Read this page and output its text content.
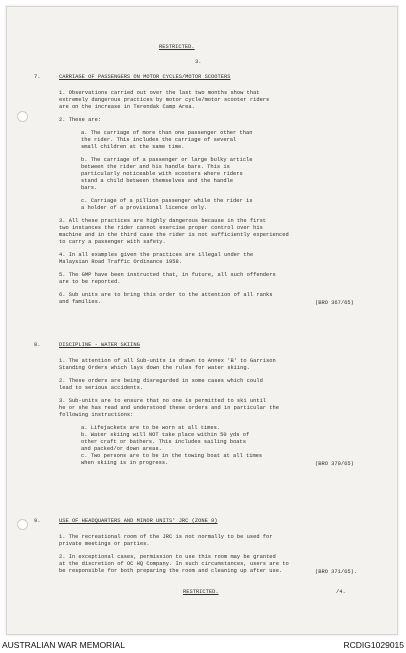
RESTRICTED.
3.
7.	CARRIAGE OF PASSENGERS ON MOTOR CYCLES/MOTOR SCOOTERS
1. Observations carried out over the last two months show that
extremely dangerous practices by motor cycle/motor scooter riders
are on the increase in Terendak Camp Area.
2. These are:
a. The carriage of more than one passenger other than
the rider. This includes the carriage of several
small children at the same time.
b. The carriage of a passenger or large bulky article
between the rider and his handle bars. This is
particularly noticeable with scooters where riders
stand a child between themselves and the handle
bars.
c. Carriage of a pillion passenger while the rider is
a holder of a provisional licence only.
3. All these practices are highly dangerous because in the first
two instances the rider cannot exercise proper control over his
machine and in the third case the rider is not sufficiently experienced
to carry a passenger with safety.
4. In all examples given the practices are illegal under the
Malaysian Road Traffic Ordinance 1958.
5. The GMP have been instructed that, in future, all such offenders
are to be reported.
6. Sub units are to bring this order to the attention of all ranks
and families.	(BRO 367/65)
8.	DISCIPLINE - WATER SKIING
1. The attention of all Sub-units is drawn to Annex 'B' to Garrison
Standing Orders which lays down the rules for water skiing.
2. These orders are being disregarded in some cases which could
lead to serious accidents.
3. Sub-units are to ensure that no one is permitted to ski until
he or she has read and understood these orders and in particular the
following instructions:
a. Lifejackets are to be worn at all times.
b. Water skiing will NOT take place within 50 yds of
other craft or bathers. This includes sailing boats
and packed/or down areas.
c. Two persons are to be in the towing boat at all times
when skiing is in progress.	(BRO 370/65)
9.	USE OF HEADQUARTERS AND MINOR UNITS' JRC (ZONE 9)
1. The recreational room of the JRC is not normally to be used for
private meetings or parties.
2. In exceptional cases, permission to use this room may be granted
at the discretion of OC HQ Company. In such circumstances, users are to
be responsible for both preparing the room and cleaning up after use.	(BRO 371/65).
RESTRICTED.	/4.
AUSTRALIAN WAR MEMORIAL	RCDIG1029015
